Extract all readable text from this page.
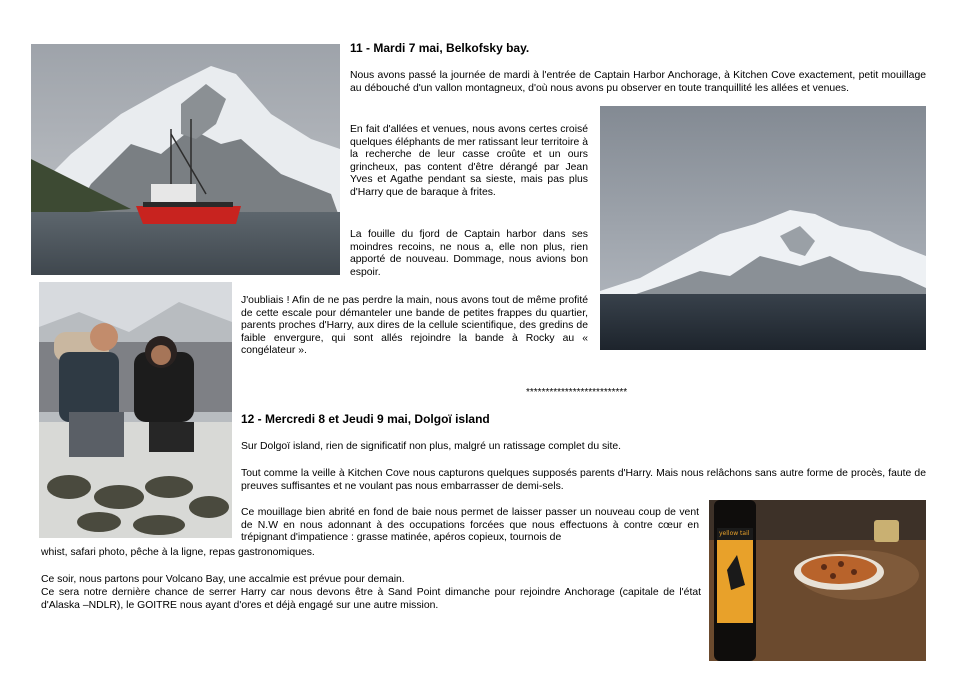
yellow tail

11 - Mardi 7 mai, Belkofsky bay.

Nous avons passé la journée de mardi à l'entrée de Captain Harbor Anchorage, à Kitchen Cove exactement, petit mouillage au débouché d'un vallon montagneux, d'où nous avons pu observer en toute tranquillité les allées et venues.

En fait d'allées et venues, nous avons certes croisé quelques éléphants de mer ratissant leur territoire à la recherche de leur casse croûte et un ours grincheux, pas content d'être dérangé par Jean Yves et Agathe pendant sa sieste, mais pas plus d'Harry que de baraque à frites.

La fouille du fjord de Captain harbor dans ses moindres recoins, ne nous a, elle non plus, rien apporté de nouveau. Dommage, nous avions bon espoir.

J'oubliais ! Afin de ne pas perdre la main, nous avons tout de même profité de cette escale pour démanteler une bande de petites frappes du quartier, parents proches d'Harry, aux dires de la cellule scientifique, des gredins de faible envergure, qui sont allés rejoindre la bande à Rocky au « congélateur ».

**************************

12 - Mercredi 8 et Jeudi 9 mai, Dolgoï island

Sur Dolgoï island, rien de significatif non plus, malgré un ratissage complet du site.

Tout comme la veille à Kitchen Cove nous capturons quelques supposés parents d'Harry. Mais nous relâchons sans autre forme de procès, faute de preuves suffisantes et ne voulant pas nous embarrasser de demi-sels.

Ce mouillage bien abrité en fond de baie nous permet de laisser passer un nouveau coup de vent de N.W en nous adonnant à des occupations forcées que nous effectuons à contre cœur en trépignant d'impatience : grasse matinée, apéros copieux, tournois de

whist, safari photo, pêche à la ligne, repas gastronomiques.

Ce soir, nous partons pour Volcano Bay, une accalmie est prévue pour demain.

Ce sera notre dernière chance de serrer Harry car nous devons être à Sand Point dimanche pour rejoindre Anchorage (capitale de l'état d'Alaska –NDLR), le GOITRE nous ayant d'ores et déjà engagé sur une autre mission.
